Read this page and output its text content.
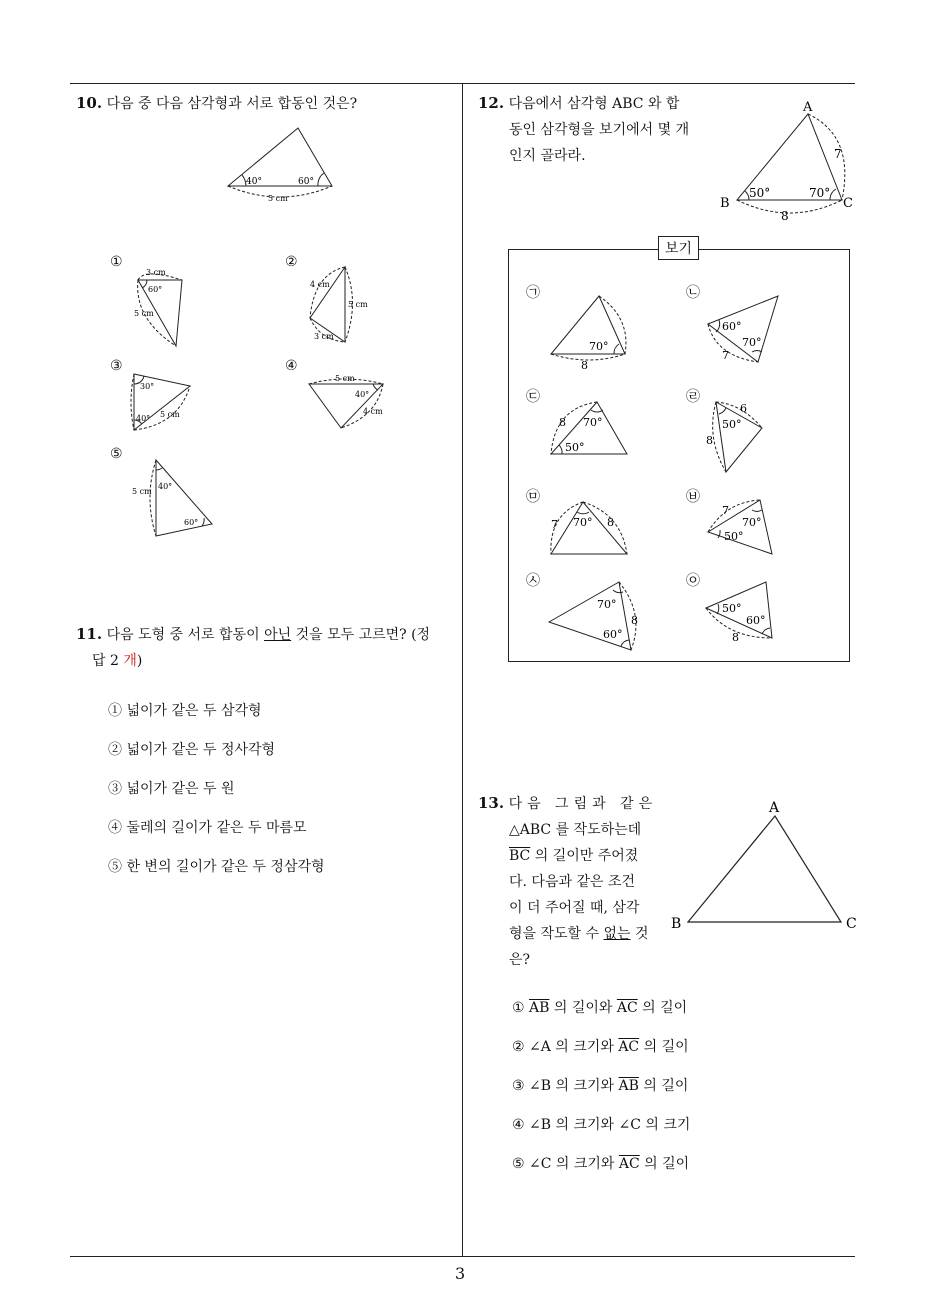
3
10. 다음 중 다음 삼각형과 서로 합동인 것은?
40°	60°
5 cm
①	②
③	④
⑤
3 cm
60°
5 cm
4 cm
5 cm
3 cm
30°
40° 5 cm
5 cm
40°
4 cm
5 cm
40°
60°
11. 다음 도형 중 서로 합동이 아닌 것을 모두 고르면? (정
답 2 개)
① 넓이가 같은 두 삼각형
② 넓이가 같은 두 정사각형
③ 넓이가 같은 두 원
④ 둘레의 길이가 같은 두 마름모
⑤ 한 변의 길이가 같은 두 정삼각형
12. 다음에서 삼각형 ABC 와 합
동인 삼각형을 보기에서 몇 개
인지 골라라.
A
B	C
50°	70°
7
8
보기
㉠	㉡
㉢	㉣
㉤	㉥
㉦	㉧
70°
8
60°
70°
7
8 70°
50°
6
50°
8
7 70° 8
7
70°
50°
70°
8
60°
50°
60°
8
13. 다음 그림과 같은
△ABC 를 작도하는데
$\overline{BC}$ 의 길이만 주어졌
다. 다음과 같은 조건
이 더 주어질 때, 삼각
형을 작도할 수 없는 것
은?
A
B	C
① $\overline{AB}$ 의 길이와 $\overline{AC}$ 의 길이
② ∠A 의 크기와 $\overline{AC}$ 의 길이
③ ∠B 의 크기와 $\overline{AB}$ 의 길이
④ ∠B 의 크기와 ∠C 의 크기
⑤ ∠C 의 크기와 $\overline{AC}$ 의 길이
